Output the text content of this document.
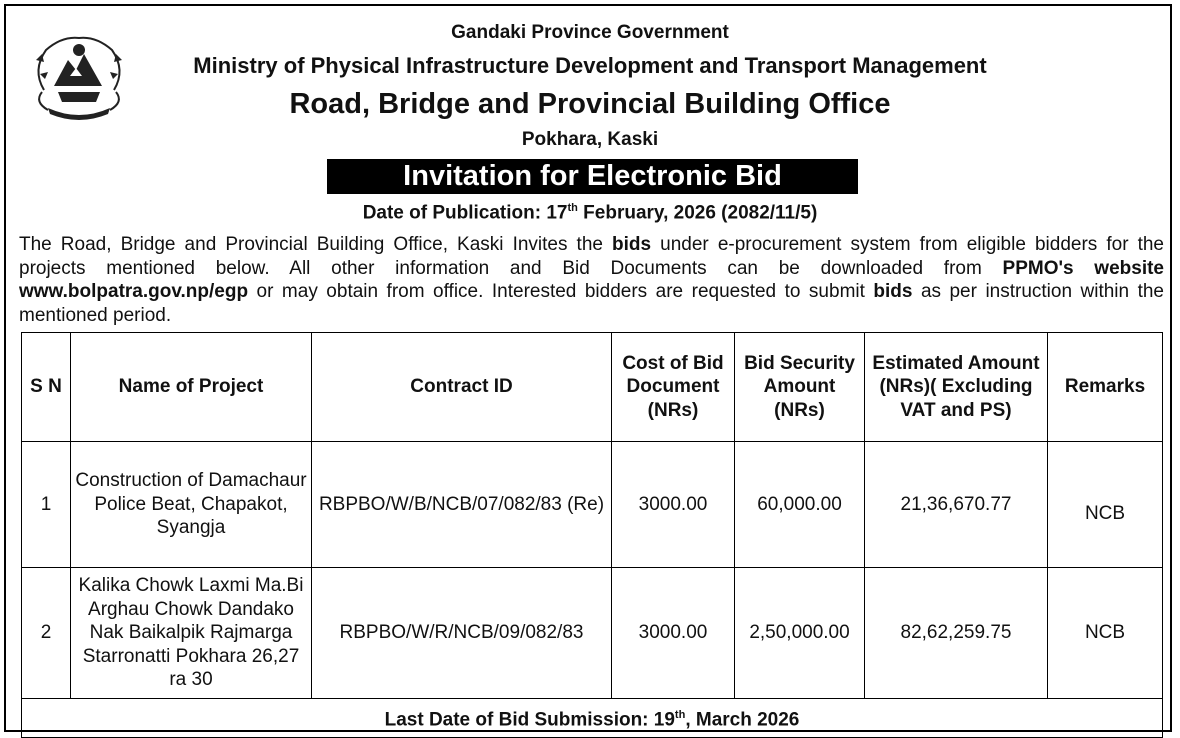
Gandaki Province Government
Ministry of Physical Infrastructure Development and Transport Management
Road, Bridge and Provincial Building Office
Pokhara, Kaski
Invitation for Electronic Bid
Date of Publication: 17th February, 2026 (2082/11/5)
The Road, Bridge and Provincial Building Office, Kaski Invites the bids under e-procurement system from eligible bidders for the projects mentioned below. All other information and Bid Documents can be downloaded from PPMO's website www.bolpatra.gov.np/egp or may obtain from office. Interested bidders are requested to submit bids as per instruction within the mentioned period.
S N	Name of Project	Contract ID	Cost of Bid Document (NRs)	Bid Security Amount (NRs)	Estimated Amount (NRs)( Excluding VAT and PS)	Remarks
1	Construction of Damachaur Police Beat, Chapakot, Syangja	RBPBO/W/B/NCB/07/082/83 (Re)	3000.00	60,000.00	21,36,670.77	NCB
2	Kalika Chowk Laxmi Ma.Bi Arghau Chowk Dandako Nak Baikalpik Rajmarga Starronatti Pokhara 26,27 ra 30	RBPBO/W/R/NCB/09/082/83	3000.00	2,50,000.00	82,62,259.75	NCB
Last Date of Bid Submission: 19th, March 2026						
